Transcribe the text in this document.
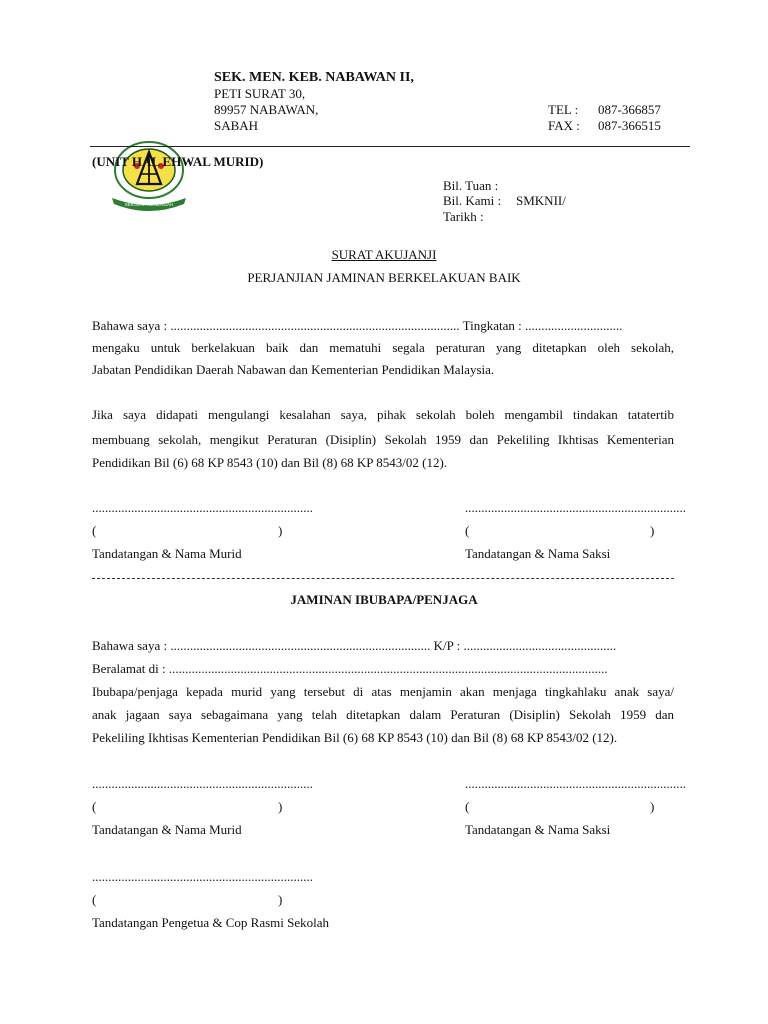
SEKOLAH MENENGAH
SEK. MEN. KEB. NABAWAN II,
PETI SURAT 30,
89957 NABAWAN,
SABAH
TEL : 087-366857
FAX : 087-366515
(UNIT HAL EHWAL MURID)
Bil. Tuan :
Bil. Kami : SMKNII/
Tarikh :
SURAT AKUJANJI
PERJANJIAN JAMINAN BERKELAKUAN BAIK
Bahawa saya : ......................................................................................... Tingkatan : ..............................
mengaku untuk berkelakuan baik dan mematuhi segala peraturan yang ditetapkan oleh sekolah,
Jabatan Pendidikan Daerah Nabawan dan Kementerian Pendidikan Malaysia.
Jika saya didapati mengulangi kesalahan saya, pihak sekolah boleh mengambil tindakan tatatertib
membuang sekolah, mengikut Peraturan (Disiplin) Sekolah 1959 dan Pekeliling Ikhtisas Kementerian
Pendidikan Bil (6) 68 KP 8543 (10) dan Bil (8) 68 KP 8543/02 (12).
....................................................................
(	)
Tandatangan & Nama Murid
....................................................................
(	)
Tandatangan & Nama Saksi
JAMINAN IBUBAPA/PENJAGA
Bahawa saya : ................................................................................ K/P : ...............................................
Beralamat di : .......................................................................................................................................
Ibubapa/penjaga kepada murid yang tersebut di atas menjamin akan menjaga tingkahlaku anak saya/
anak jagaan saya sebagaimana yang telah ditetapkan dalam Peraturan (Disiplin) Sekolah 1959 dan
Pekeliling Ikhtisas Kementerian Pendidikan Bil (6) 68 KP 8543 (10) dan Bil (8) 68 KP 8543/02 (12).
....................................................................
(	)
Tandatangan & Nama Murid
....................................................................
(	)
Tandatangan & Nama Saksi
....................................................................
(	)
Tandatangan Pengetua & Cop Rasmi Sekolah
